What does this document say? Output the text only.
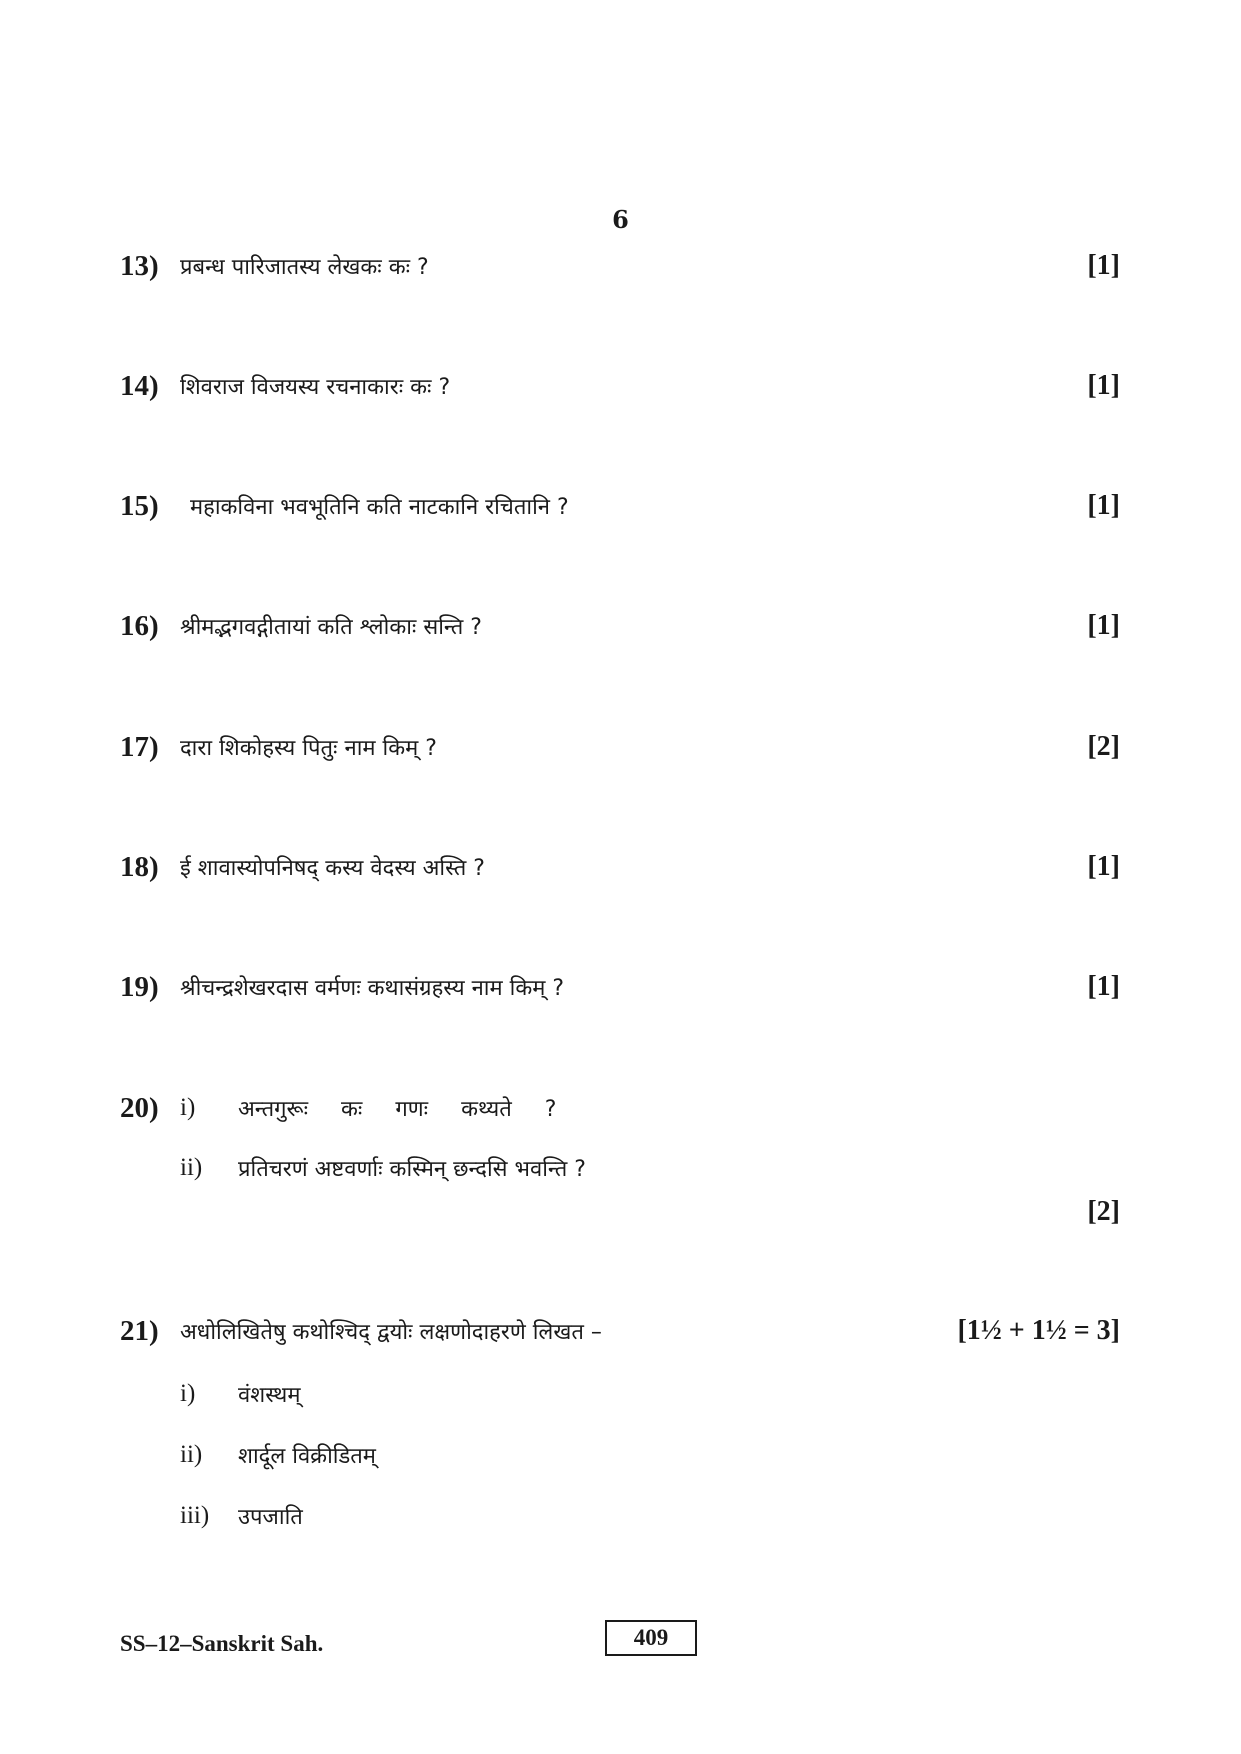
6
13) प्रबन्ध पारिजातस्य लेखकः कः ?	[1]
14) शिवराज विजयस्य रचनाकारः कः ?	[1]
15)	महाकविना भवभूतिनि कति नाटकानि रचितानि ?	[1]
16) श्रीमद्भगवद्गीतायां कति श्लोकाः सन्ति ?	[1]
17) दारा शिकोहस्य पितुः नाम किम् ?	[2]
18) ई शावास्योपनिषद् कस्य वेदस्य अस्ति ?	[1]
19) श्रीचन्द्रशेखरदास वर्मणः कथासंग्रहस्य नाम किम् ?	[1]
20) i)	अन्तगुरूः कः गणः कथ्यते ?
ii)	प्रतिचरणं अष्टवर्णाः कस्मिन् छन्दसि भवन्ति ?
[2]
21) अधोलिखितेषु कथोश्चिद् द्वयोः लक्षणोदाहरणे लिखत –	[1½ + 1½ = 3]
i)	वंशस्थम्
ii)	शार्दूल विक्रीडितम्
iii)	उपजाति
SS–12–Sanskrit Sah.	409
